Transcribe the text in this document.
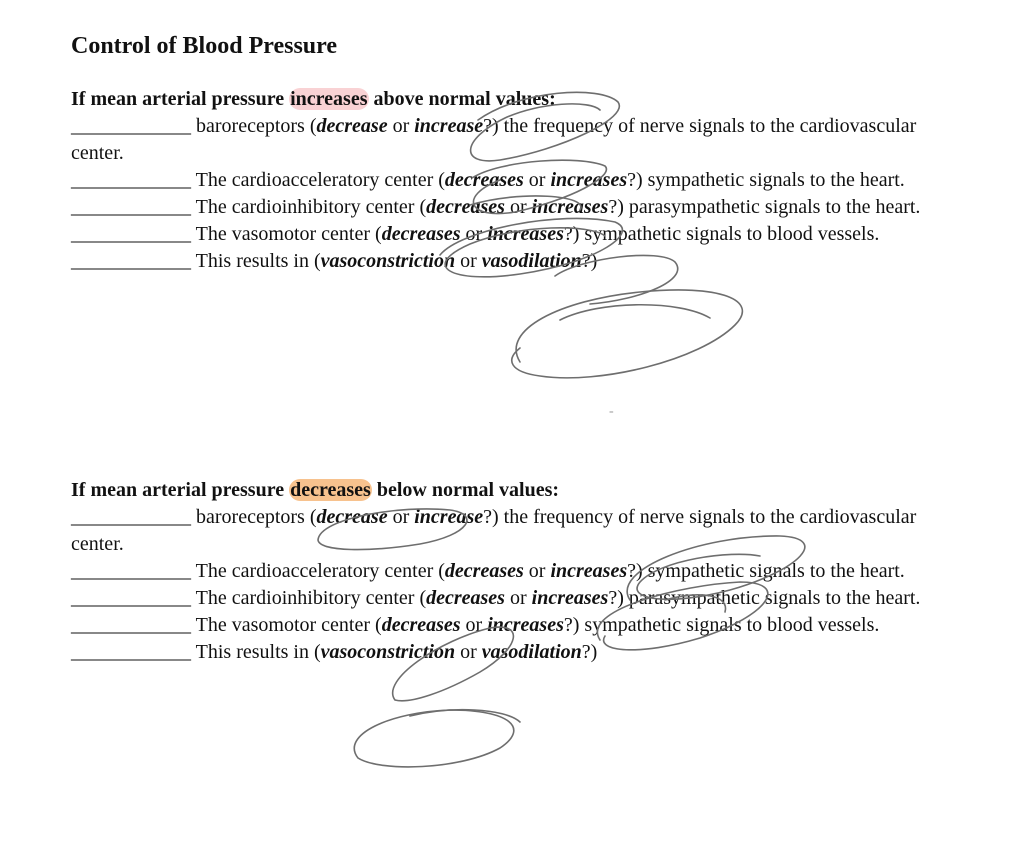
Control of Blood Pressure
If mean arterial pressure increases above normal values:

____________ baroreceptors (decrease or increase?) the frequency of nerve signals to the cardiovascular center.

____________ The cardioacceleratory center (decreases or increases?) sympathetic signals to the heart.

____________ The cardioinhibitory center (decreases or increases?) parasympathetic signals to the heart.

____________ The vasomotor center (decreases or increases?) sympathetic signals to blood vessels.

____________ This results in (vasoconstriction or vasodilation?)

-
If mean arterial pressure decreases below normal values:

____________ baroreceptors (decrease or increase?) the frequency of nerve signals to the cardiovascular center.

____________ The cardioacceleratory center (decreases or increases?) sympathetic signals to the heart.

____________ The cardioinhibitory center (decreases or increases?) parasympathetic signals to the heart.

____________ The vasomotor center (decreases or increases?) sympathetic signals to blood vessels.

____________ This results in (vasoconstriction or vasodilation?)
